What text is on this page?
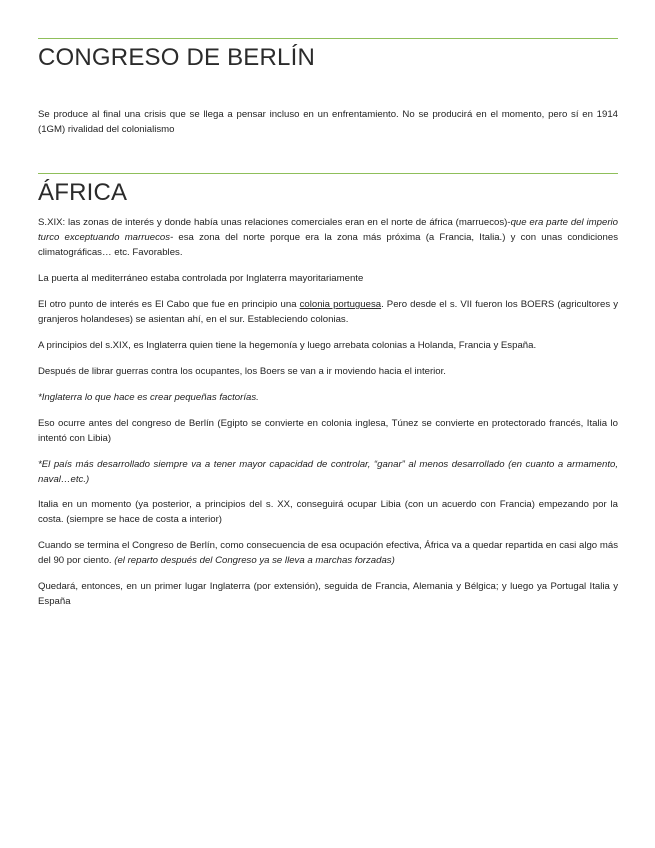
CONGRESO DE BERLÍN

Se produce al final una crisis que se llega a pensar incluso en un enfrentamiento. No se producirá en el momento, pero sí en 1914 (1GM) rivalidad del colonialismo

ÁFRICA

S.XIX: las zonas de interés y donde había unas relaciones comerciales eran en el norte de áfrica (marruecos)-que era parte del imperio turco exceptuando marruecos- esa zona del norte porque era la zona más próxima (a Francia, Italia.) y con unas condiciones climatográficas… etc. Favorables.

La puerta al mediterráneo estaba controlada por Inglaterra mayoritariamente

El otro punto de interés es El Cabo que fue en principio una colonia portuguesa. Pero desde el s. VII fueron los BOERS (agricultores y granjeros holandeses) se asientan ahí, en el sur. Estableciendo colonias.

A principios del s.XIX, es Inglaterra quien tiene la hegemonía y luego arrebata colonias a Holanda, Francia y España.

Después de librar guerras contra los ocupantes, los Boers se van a ir moviendo hacia el interior.

*Inglaterra lo que hace es crear pequeñas factorías.

Eso ocurre antes del congreso de Berlín (Egipto se convierte en colonia inglesa, Túnez se convierte en protectorado francés, Italia lo intentó con Libia)

*El país más desarrollado siempre va a tener mayor capacidad de controlar, “ganar” al menos desarrollado (en cuanto a armamento, naval…etc.)

Italia en un momento (ya posterior, a principios del s. XX, conseguirá ocupar Libia (con un acuerdo con Francia) empezando por la costa. (siempre se hace de costa a interior)

Cuando se termina el Congreso de Berlín, como consecuencia de esa ocupación efectiva, África va a quedar repartida en casi algo más del 90 por ciento. (el reparto después del Congreso ya se lleva a marchas forzadas)

Quedará, entonces, en un primer lugar Inglaterra (por extensión), seguida de Francia, Alemania y Bélgica; y luego ya Portugal Italia y España
